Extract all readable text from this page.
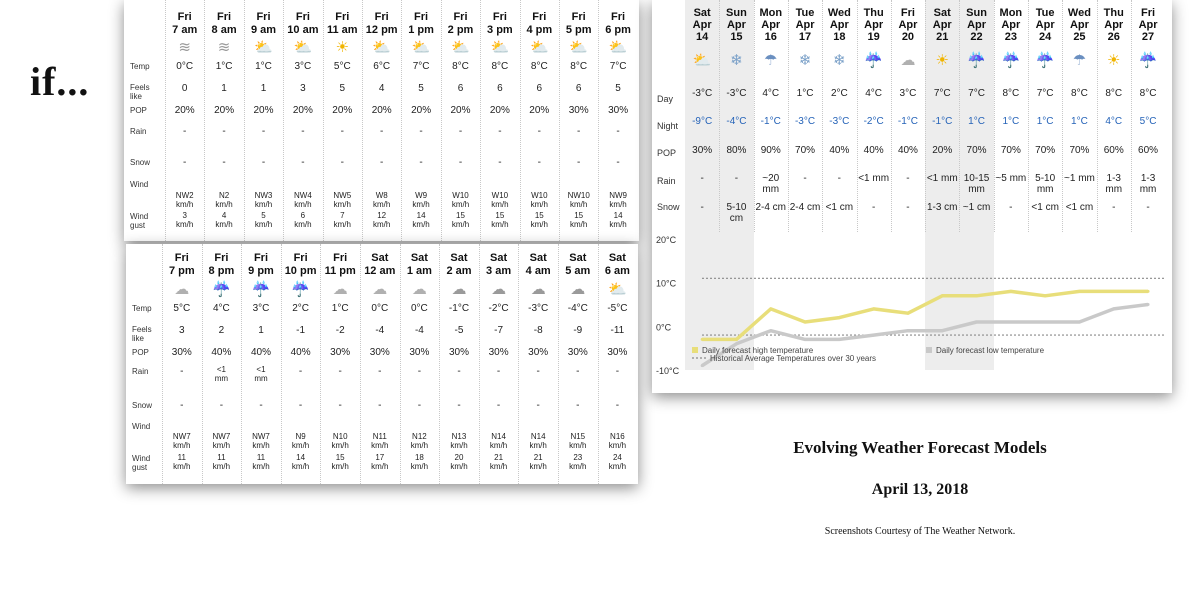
if...	Temp
Feels
like
POP
Rain
Snow
Wind
Wind
gust
Fri
7 am
≋
0°C
0
20%
-
-
NW2
km/h
3
km/h
Fri
8 am
≋
1°C
1
20%
-
-
N2
km/h
4
km/h
Fri
9 am
⛅
1°C
1
20%
-
-
NW3
km/h
5
km/h
Fri
10 am
⛅
3°C
3
20%
-
-
NW4
km/h
6
km/h
Fri
11 am
☀
5°C
5
20%
-
-
NW5
km/h
7
km/h
Fri
12 pm
⛅
6°C
4
20%
-
-
W8
km/h
12
km/h
Fri
1 pm
⛅
7°C
5
20%
-
-
W9
km/h
14
km/h
Fri
2 pm
⛅
8°C
6
20%
-
-
W10
km/h
15
km/h
Fri
3 pm
⛅
8°C
6
20%
-
-
W10
km/h
15
km/h
Fri
4 pm
⛅
8°C
6
20%
-
-
W10
km/h
15
km/h
Fri
5 pm
⛅
8°C
6
30%
-
-
NW10
km/h
15
km/h
Fri
6 pm
⛅
7°C
5
30%
-
-
NW9
km/h
14
km/h
Temp
Feels
like
POP
Rain
Snow
Wind
Wind
gust
Fri
7 pm
☁
5°C
3
30%
-
-
NW7
km/h
11
km/h
Fri
8 pm
☔
4°C
2
40%
<1
mm
-
NW7
km/h
11
km/h
Fri
9 pm
☔
3°C
1
40%
<1
mm
-
NW7
km/h
11
km/h
Fri
10 pm
☔
2°C
-1
40%
-
-
N9
km/h
14
km/h
Fri
11 pm
☁
1°C
-2
30%
-
-
N10
km/h
15
km/h
Sat
12 am
☁
0°C
-4
30%
-
-
N11
km/h
17
km/h
Sat
1 am
☁
0°C
-4
30%
-
-
N12
km/h
18
km/h
Sat
2 am
☁
-1°C
-5
30%
-
-
N13
km/h
20
km/h
Sat
3 am
☁
-2°C
-7
30%
-
-
N14
km/h
21
km/h
Sat
4 am
☁
-3°C
-8
30%
-
-
N14
km/h
21
km/h
Sat
5 am
☁
-4°C
-9
30%
-
-
N15
km/h
23
km/h
Sat
6 am
⛅
-5°C
-11
30%
-
-
N16
km/h
24
km/h
Day
Night
POP
Rain
Snow
Sat
Apr
14
⛅
-3°C
-9°C
30%
-
-
Sun
Apr
15
❄
-3°C
-4°C
80%
-
5-10
cm
Mon
Apr
16
☂
4°C
-1°C
90%
~20
mm
2-4 cm
Tue
Apr
17
❄
1°C
-3°C
70%
-
2-4 cm
Wed
Apr
18
❄
2°C
-3°C
40%
-
<1 cm
Thu
Apr
19
☔
4°C
-2°C
40%
<1 mm
-
Fri
Apr
20
☁
3°C
-1°C
40%
-
-
Sat
Apr
21
☀
7°C
-1°C
20%
<1 mm
1-3 cm
Sun
Apr
22
☔
7°C
1°C
70%
10-15
mm
~1 cm
Mon
Apr
23
☔
8°C
1°C
70%
~5 mm
-
Tue
Apr
24
☔
7°C
1°C
70%
5-10
mm
<1 cm
Wed
Apr
25
☂
8°C
1°C
70%
~1 mm
<1 cm
Thu
Apr
26
☀
8°C
4°C
60%
1-3
mm
-
Fri
Apr
27
☔
8°C
5°C
60%
1-3
mm
-
20°C
10°C
0°C
-10°C
Daily forecast high temperature
Historical Average Temperatures over 30 years
Daily forecast low temperature
Evolving Weather Forecast Models
April 13, 2018
Screenshots Courtesy of The Weather Network.
